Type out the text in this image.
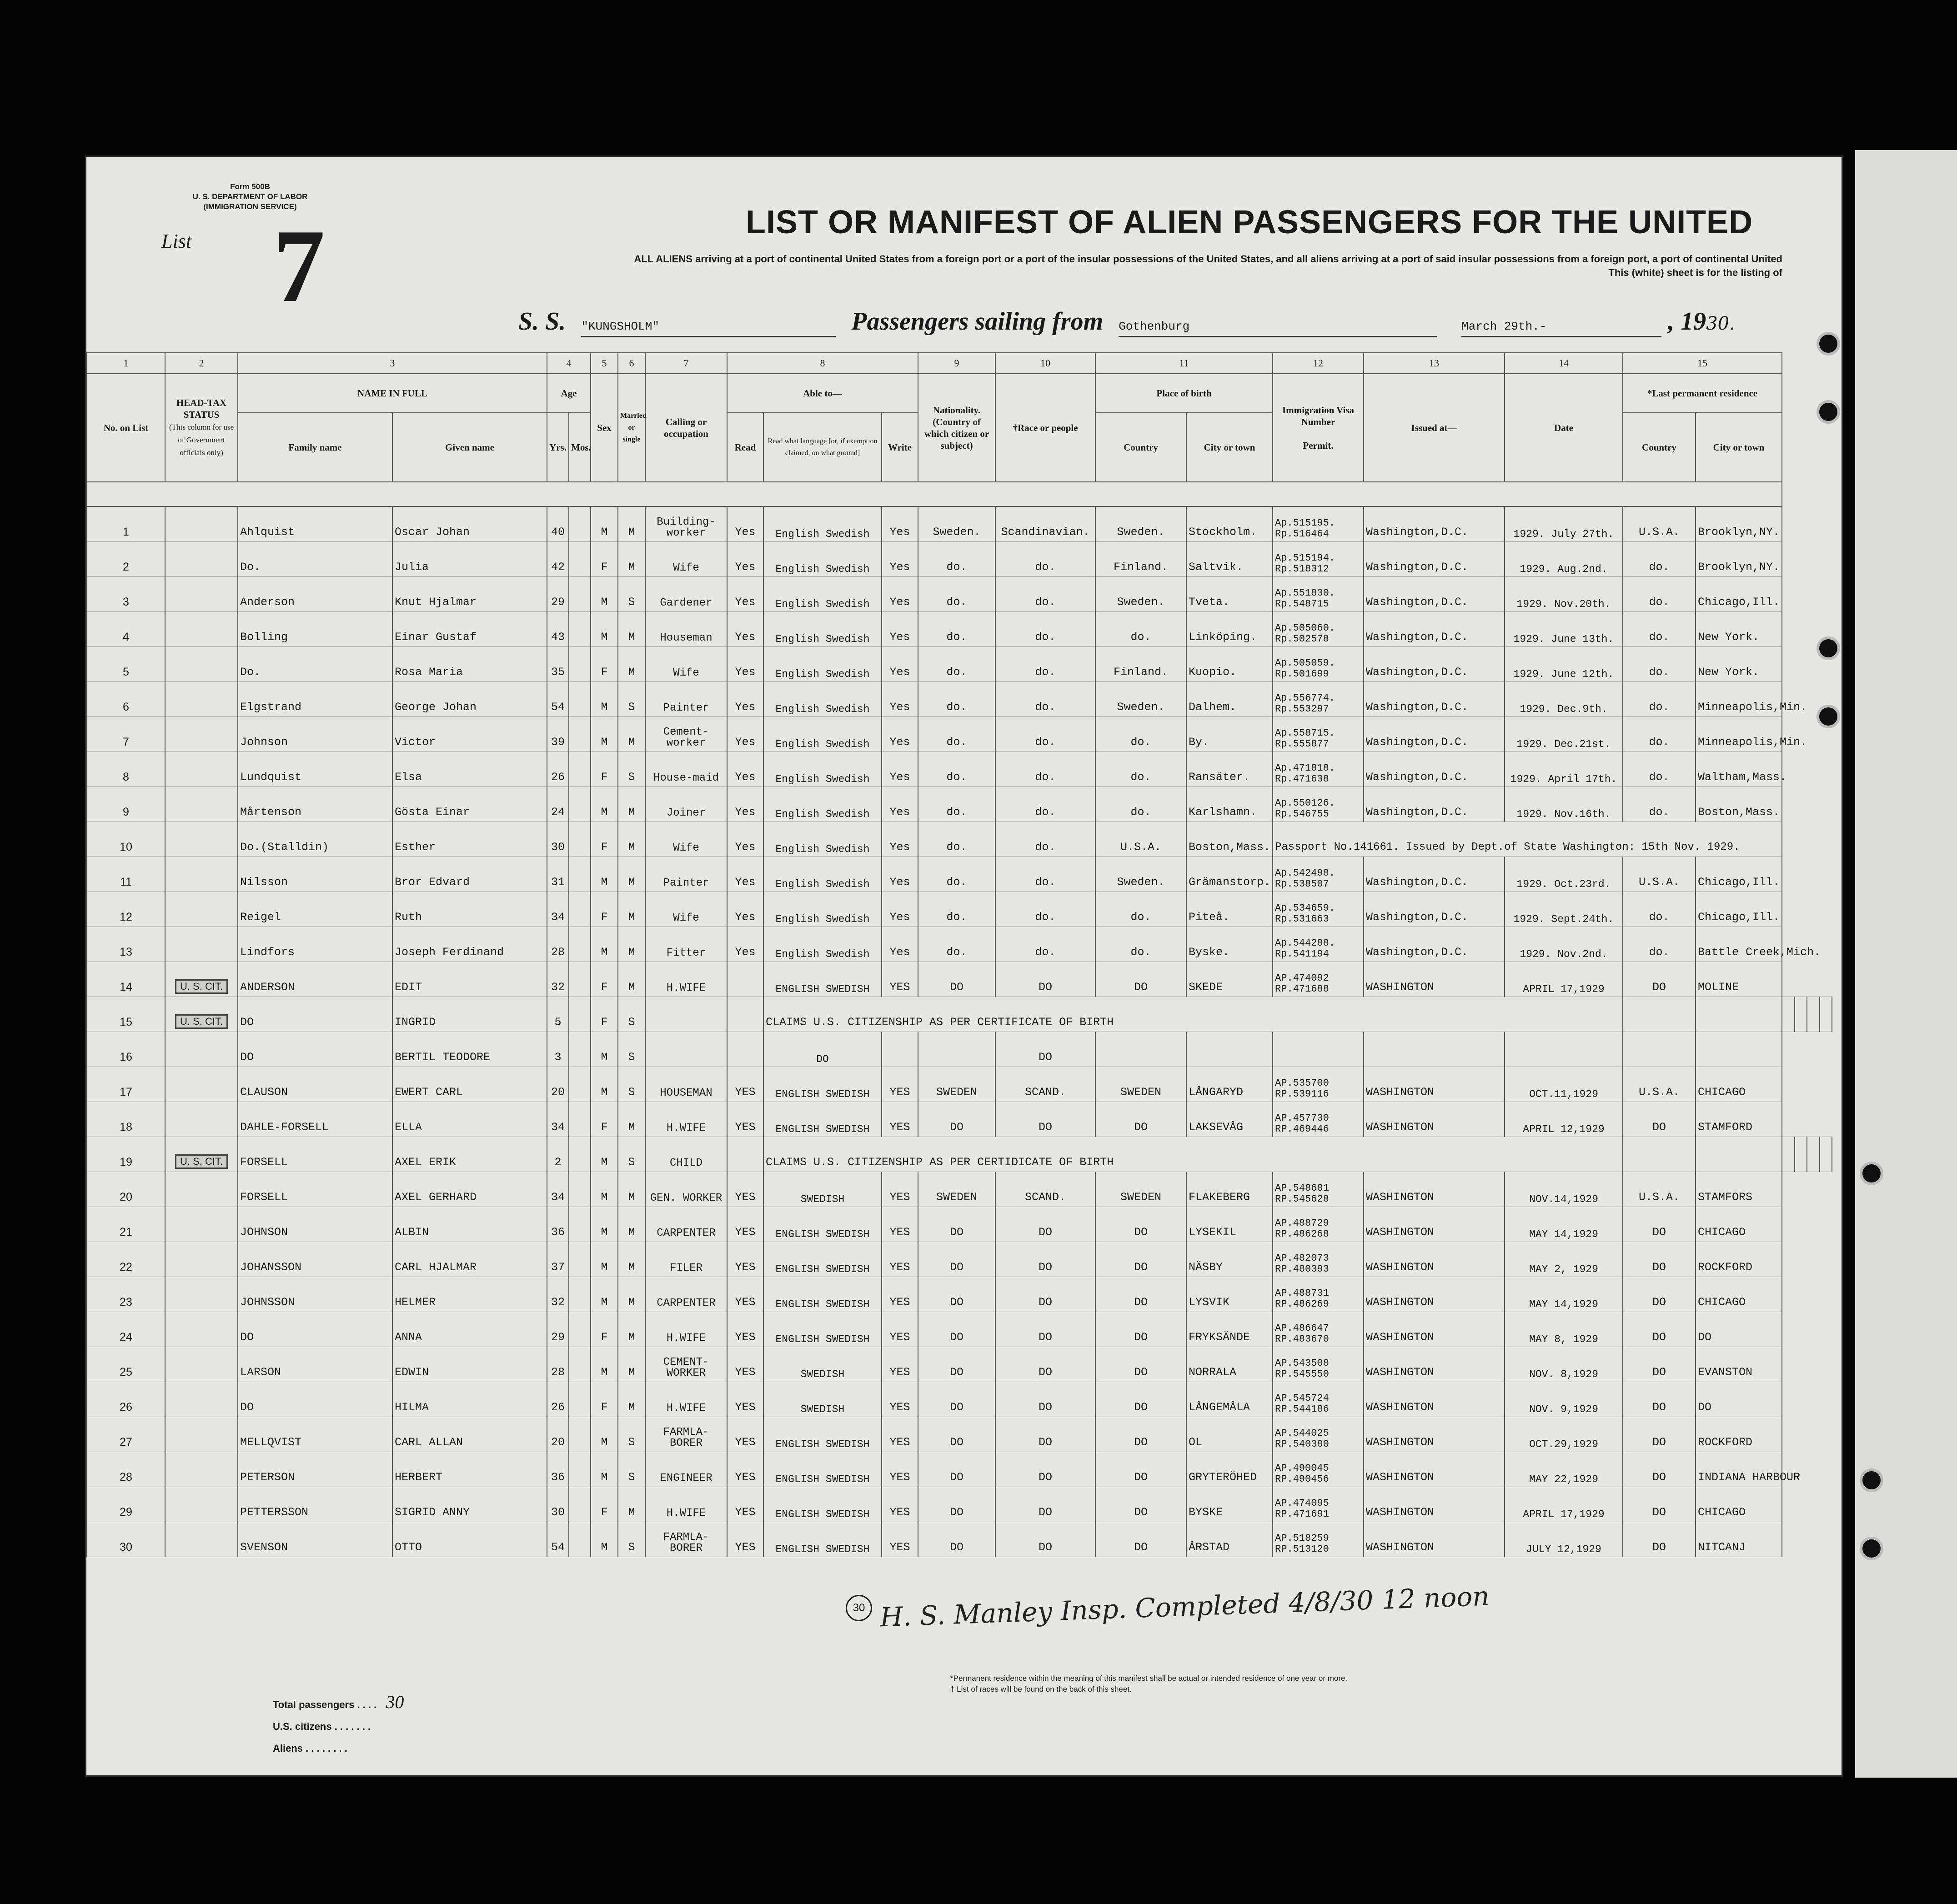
Form 500B
U. S. DEPARTMENT OF LABOR
(IMMIGRATION SERVICE)
List 7	LIST OR MANIFEST OF ALIEN PASSENGERS FOR THE UNITED
ALL ALIENS arriving at a port of continental United States from a foreign port or a port of the insular possessions of the United States, and all aliens arriving at a port of said insular possessions from a foreign port, a port of continental United
This (white) sheet is for the listing of
S. S. "KUNGSHOLM"	Passengers sailing from Gothenburg	March 29th.-	, 1930.
1	2	3		4		5	6	7	8			9	10	11		12	13	14	15					
No. on List	HEAD-TAX STATUS
(This column for use of Government officials only)	NAME IN FULL		Age		Sex	Married or single	Calling or occupation	Able to—			Nationality. (Country of which citizen or subject)	†Race or people	Place of birth		Immigration Visa Number

Permit.	Issued at—	Date	*Last permanent residence					
		Family name	Given name	Yrs.	Mos.				Read	Read what language [or, if exemption claimed, on what ground]	Write			Country	City or town				Country	City or town				

1		Ahlquist	Oscar Johan	40		M	M	Building-worker	Yes	English Swedish	Yes	Sweden.	Scandinavian.	Sweden.	Stockholm.	Ap.515195. Rp.516464	Washington,D.C.	1929. July 27th.	U.S.A.	Brooklyn,NY.				
2		Do.	Julia	42		F	M	Wife	Yes	English Swedish	Yes	do.	do.	Finland.	Saltvik.	Ap.515194. Rp.518312	Washington,D.C.	1929. Aug.2nd.	do.	Brooklyn,NY.				
3		Anderson	Knut Hjalmar	29		M	S	Gardener	Yes	English Swedish	Yes	do.	do.	Sweden.	Tveta.	Ap.551830. Rp.548715	Washington,D.C.	1929. Nov.20th.	do.	Chicago,Ill.				
4		Bolling	Einar Gustaf	43		M	M	Houseman	Yes	English Swedish	Yes	do.	do.	do.	Linköping.	Ap.505060. Rp.502578	Washington,D.C.	1929. June 13th.	do.	New York.				
5		Do.	Rosa Maria	35		F	M	Wife	Yes	English Swedish	Yes	do.	do.	Finland.	Kuopio.	Ap.505059. Rp.501699	Washington,D.C.	1929. June 12th.	do.	New York.				
6		Elgstrand	George Johan	54		M	S	Painter	Yes	English Swedish	Yes	do.	do.	Sweden.	Dalhem.	Ap.556774. Rp.553297	Washington,D.C.	1929. Dec.9th.	do.	Minneapolis,Min.				
7		Johnson	Victor	39		M	M	Cement-worker	Yes	English Swedish	Yes	do.	do.	do.	By.	Ap.558715. Rp.555877	Washington,D.C.	1929. Dec.21st.	do.	Minneapolis,Min.				
8		Lundquist	Elsa	26		F	S	House-maid	Yes	English Swedish	Yes	do.	do.	do.	Ransäter.	Ap.471818. Rp.471638	Washington,D.C.	1929. April 17th.	do.	Waltham,Mass.				
9		Mårtenson	Gösta Einar	24		M	M	Joiner	Yes	English Swedish	Yes	do.	do.	do.	Karlshamn.	Ap.550126. Rp.546755	Washington,D.C.	1929. Nov.16th.	do.	Boston,Mass.				
10		Do.(Stalldin)	Esther	30		F	M	Wife	Yes	English Swedish	Yes	do.	do.	U.S.A.	Boston,Mass.	Passport No.141661. Issued by Dept.of State Washington: 15th Nov. 1929.								
11		Nilsson	Bror Edvard	31		M	M	Painter	Yes	English Swedish	Yes	do.	do.	Sweden.	Grämanstorp.	Ap.542498. Rp.538507	Washington,D.C.	1929. Oct.23rd.	U.S.A.	Chicago,Ill.				
12		Reigel	Ruth	34		F	M	Wife	Yes	English Swedish	Yes	do.	do.	do.	Piteå.	Ap.534659. Rp.531663	Washington,D.C.	1929. Sept.24th.	do.	Chicago,Ill.				
13		Lindfors	Joseph Ferdinand	28		M	M	Fitter	Yes	English Swedish	Yes	do.	do.	do.	Byske.	Ap.544288. Rp.541194	Washington,D.C.	1929. Nov.2nd.	do.	Battle Creek,Mich.				
14	U. S. CIT.	ANDERSON	EDIT	32		F	M	H.WIFE		ENGLISH SWEDISH	YES	DO	DO	DO	SKEDE	AP.474092 RP.471688	WASHINGTON	APRIL 17,1929	DO	MOLINE				
15	U. S. CIT.	DO	INGRID	5		F	S			CLAIMS U.S. CITIZENSHIP AS PER CERTIFICATE OF BIRTH														
16		DO	BERTIL TEODORE	3		M	S			DO			DO											
17		CLAUSON	EWERT CARL	20		M	S	HOUSEMAN	YES	ENGLISH SWEDISH	YES	SWEDEN	SCAND.	SWEDEN	LÅNGARYD	AP.535700 RP.539116	WASHINGTON	OCT.11,1929	U.S.A.	CHICAGO				
18		DAHLE-FORSELL	ELLA	34		F	M	H.WIFE	YES	ENGLISH SWEDISH	YES	DO	DO	DO	LAKSEVÅG	AP.457730 RP.469446	WASHINGTON	APRIL 12,1929	DO	STAMFORD				
19	U. S. CIT.	FORSELL	AXEL ERIK	2		M	S	CHILD		CLAIMS U.S. CITIZENSHIP AS PER CERTIDICATE OF BIRTH														
20		FORSELL	AXEL GERHARD	34		M	M	GEN. WORKER	YES	SWEDISH	YES	SWEDEN	SCAND.	SWEDEN	FLAKEBERG	AP.548681 RP.545628	WASHINGTON	NOV.14,1929	U.S.A.	STAMFORS				
21		JOHNSON	ALBIN	36		M	M	CARPENTER	YES	ENGLISH SWEDISH	YES	DO	DO	DO	LYSEKIL	AP.488729 RP.486268	WASHINGTON	MAY 14,1929	DO	CHICAGO				
22		JOHANSSON	CARL HJALMAR	37		M	M	FILER	YES	ENGLISH SWEDISH	YES	DO	DO	DO	NÄSBY	AP.482073 RP.480393	WASHINGTON	MAY 2, 1929	DO	ROCKFORD				
23		JOHNSSON	HELMER	32		M	M	CARPENTER	YES	ENGLISH SWEDISH	YES	DO	DO	DO	LYSVIK	AP.488731 RP.486269	WASHINGTON	MAY 14,1929	DO	CHICAGO				
24		DO	ANNA	29		F	M	H.WIFE	YES	ENGLISH SWEDISH	YES	DO	DO	DO	FRYKSÄNDE	AP.486647 RP.483670	WASHINGTON	MAY 8, 1929	DO	DO				
25		LARSON	EDWIN	28		M	M	CEMENT-WORKER	YES	SWEDISH	YES	DO	DO	DO	NORRALA	AP.543508 RP.545550	WASHINGTON	NOV. 8,1929	DO	EVANSTON				
26		DO	HILMA	26		F	M	H.WIFE	YES	SWEDISH	YES	DO	DO	DO	LÅNGEMÅLA	AP.545724 RP.544186	WASHINGTON	NOV. 9,1929	DO	DO				
27		MELLQVIST	CARL ALLAN	20		M	S	FARMLA-BORER	YES	ENGLISH SWEDISH	YES	DO	DO	DO	OL	AP.544025 RP.540380	WASHINGTON	OCT.29,1929	DO	ROCKFORD				
28		PETERSON	HERBERT	36		M	S	ENGINEER	YES	ENGLISH SWEDISH	YES	DO	DO	DO	GRYTERÖHED	AP.490045 RP.490456	WASHINGTON	MAY 22,1929	DO	INDIANA HARBOUR				
29		PETTERSSON	SIGRID ANNY	30		F	M	H.WIFE	YES	ENGLISH SWEDISH	YES	DO	DO	DO	BYSKE	AP.474095 RP.471691	WASHINGTON	APRIL 17,1929	DO	CHICAGO				
30		SVENSON	OTTO	54		M	S	FARMLA-BORER	YES	ENGLISH SWEDISH	YES	DO	DO	DO	ÅRSTAD	AP.518259 RP.513120	WASHINGTON	JULY 12,1929	DO	NITCANJ				
30 H. S. Manley Insp. Completed 4/8/30 12 noon
Total passengers . . . . 30
U.S. citizens . . . . . . .
Aliens . . . . . . . .
*Permanent residence within the meaning of this manifest shall be actual or intended residence of one year or more.
† List of races will be found on the back of this sheet.
